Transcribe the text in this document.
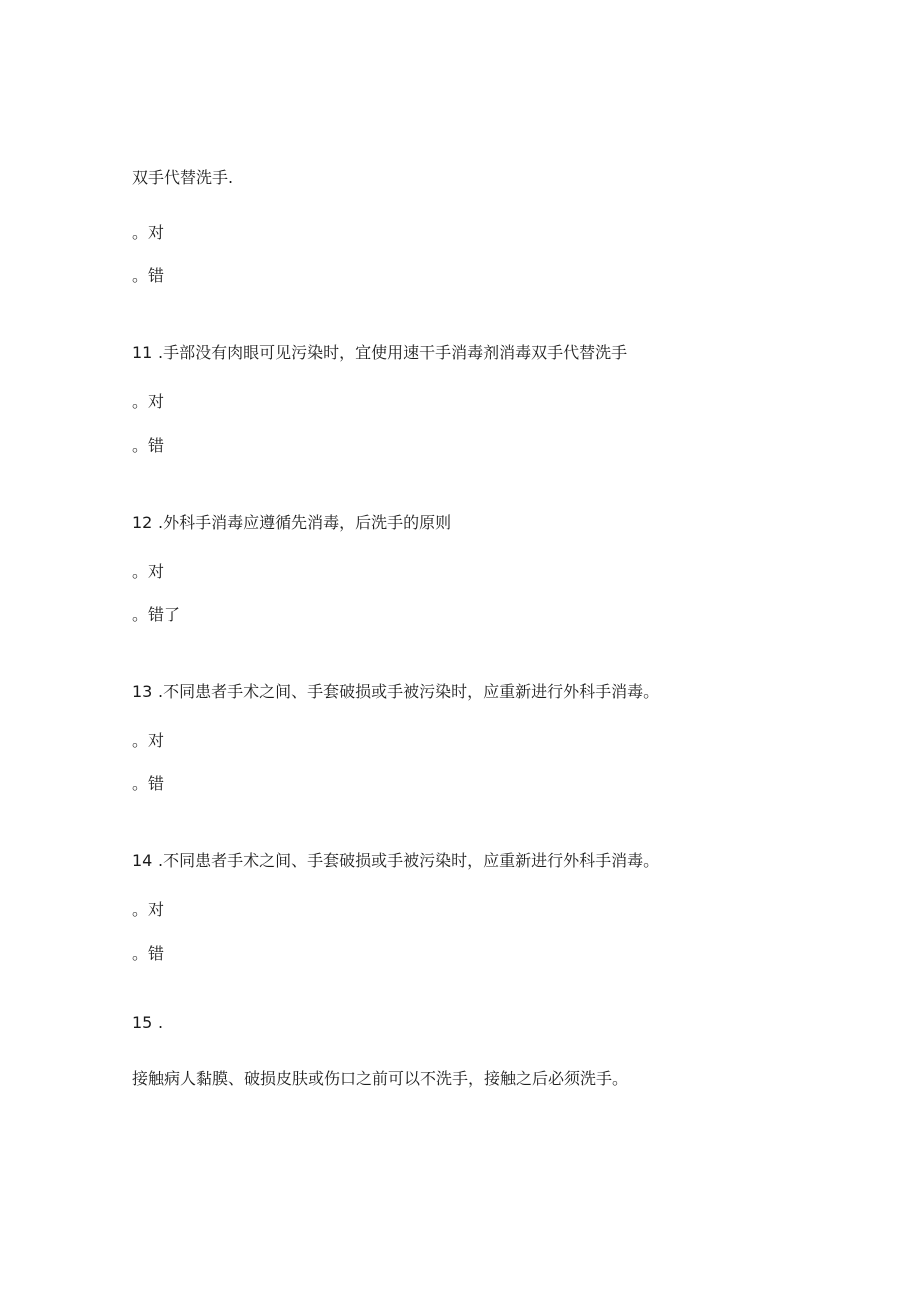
双手代替洗手.
。对
。错
11 .手部没有肉眼可见污染时，宜使用速干手消毒剂消毒双手代替洗手
。对
。错
12 .外科手消毒应遵循先消毒，后洗手的原则
。对
。错了
13 .不同患者手术之间、手套破损或手被污染时，应重新进行外科手消毒。
。对
。错
14 .不同患者手术之间、手套破损或手被污染时，应重新进行外科手消毒。
。对
。错
15 .
接触病人黏膜、破损皮肤或伤口之前可以不洗手，接触之后必须洗手。
